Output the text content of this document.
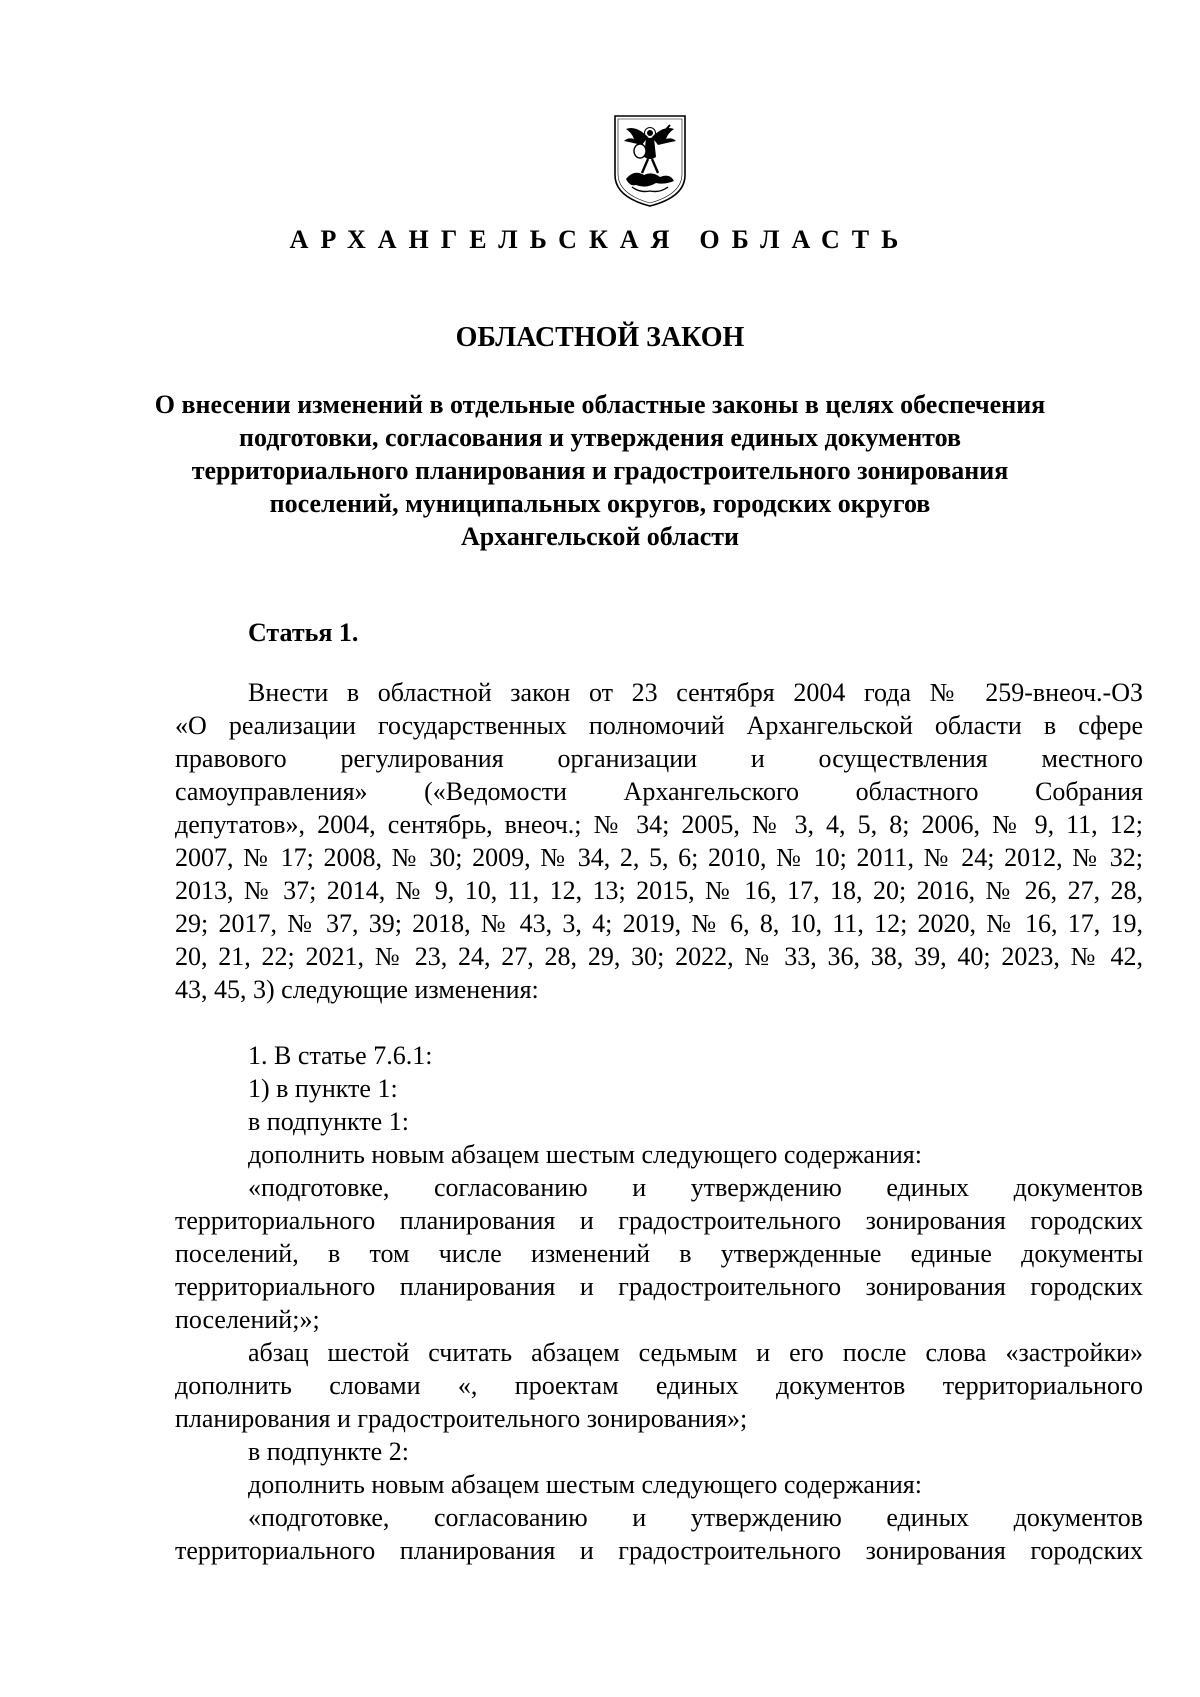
АРХАНГЕЛЬСКАЯ ОБЛАСТЬ
ОБЛАСТНОЙ ЗАКОН
О внесении изменений в отдельные областные законы в целях обеспечения
подготовки, согласования и утверждения единых документов
территориального планирования и градостроительного зонирования
поселений, муниципальных округов, городских округов
Архангельской области
Статья 1.
Внести в областной закон от 23 сентября 2004 года № 259-внеоч.-ОЗ
«О реализации государственных полномочий Архангельской области в сфере
правового регулирования организации и осуществления местного
самоуправления» («Ведомости Архангельского областного Собрания
депутатов», 2004, сентябрь, внеоч.; № 34; 2005, № 3, 4, 5, 8; 2006, № 9, 11, 12;
2007, № 17; 2008, № 30; 2009, № 34, 2, 5, 6; 2010, № 10; 2011, № 24; 2012, № 32;
2013, № 37; 2014, № 9, 10, 11, 12, 13; 2015, № 16, 17, 18, 20; 2016, № 26, 27, 28,
29; 2017, № 37, 39; 2018, № 43, 3, 4; 2019, № 6, 8, 10, 11, 12; 2020, № 16, 17, 19,
20, 21, 22; 2021, № 23, 24, 27, 28, 29, 30; 2022, № 33, 36, 38, 39, 40; 2023, № 42,
43, 45, 3) следующие изменения:
1. В статье 7.6.1:
1) в пункте 1:
в подпункте 1:
дополнить новым абзацем шестым следующего содержания:
«подготовке, согласованию и утверждению единых документов
территориального планирования и градостроительного зонирования городских
поселений, в том числе изменений в утвержденные единые документы
территориального планирования и градостроительного зонирования городских
поселений;»;
абзац шестой считать абзацем седьмым и его после слова «застройки»
дополнить словами «, проектам единых документов территориального
планирования и градостроительного зонирования»;
в подпункте 2:
дополнить новым абзацем шестым следующего содержания:
«подготовке, согласованию и утверждению единых документов
территориального планирования и градостроительного зонирования городских
